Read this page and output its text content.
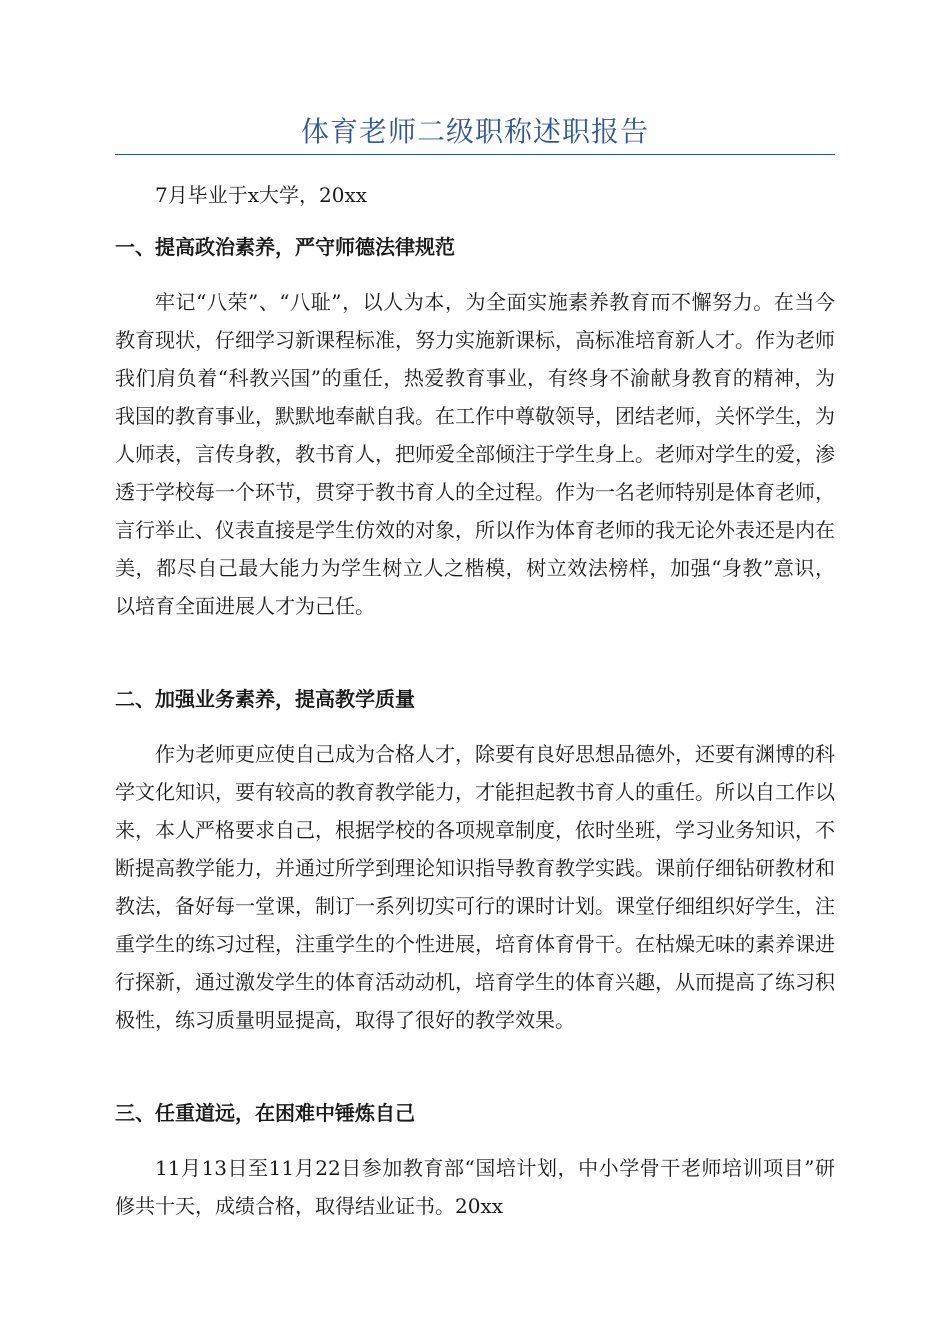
体育老师二级职称述职报告

7月毕业于x大学，20xx

一、提高政治素养，严守师德法律规范

牢记“八荣”、“八耻”，以人为本，为全面实施素养教育而不懈努力。在当今教育现状，仔细学习新课程标准，努力实施新课标，高标准培育新人才。作为老师我们肩负着“科教兴国”的重任，热爱教育事业，有终身不渝献身教育的精神，为我国的教育事业，默默地奉献自我。在工作中尊敬领导，团结老师，关怀学生，为人师表，言传身教，教书育人，把师爱全部倾注于学生身上。老师对学生的爱，渗透于学校每一个环节，贯穿于教书育人的全过程。作为一名老师特别是体育老师，言行举止、仪表直接是学生仿效的对象，所以作为体育老师的我无论外表还是内在美，都尽自己最大能力为学生树立人之楷模，树立效法榜样，加强“身教”意识，以培育全面进展人才为己任。

二、加强业务素养，提高教学质量

作为老师更应使自己成为合格人才，除要有良好思想品德外，还要有渊博的科学文化知识，要有较高的教育教学能力，才能担起教书育人的重任。所以自工作以来，本人严格要求自己，根据学校的各项规章制度，依时坐班，学习业务知识，不断提高教学能力，并通过所学到理论知识指导教育教学实践。课前仔细钻研教材和教法，备好每一堂课，制订一系列切实可行的课时计划。课堂仔细组织好学生，注重学生的练习过程，注重学生的个性进展，培育体育骨干。在枯燥无味的素养课进行探新，通过激发学生的体育活动动机，培育学生的体育兴趣，从而提高了练习积极性，练习质量明显提高，取得了很好的教学效果。

三、任重道远，在困难中锤炼自己

11月13日至11月22日参加教育部“国培计划，中小学骨干老师培训项目”研修共十天，成绩合格，取得结业证书。20xx
